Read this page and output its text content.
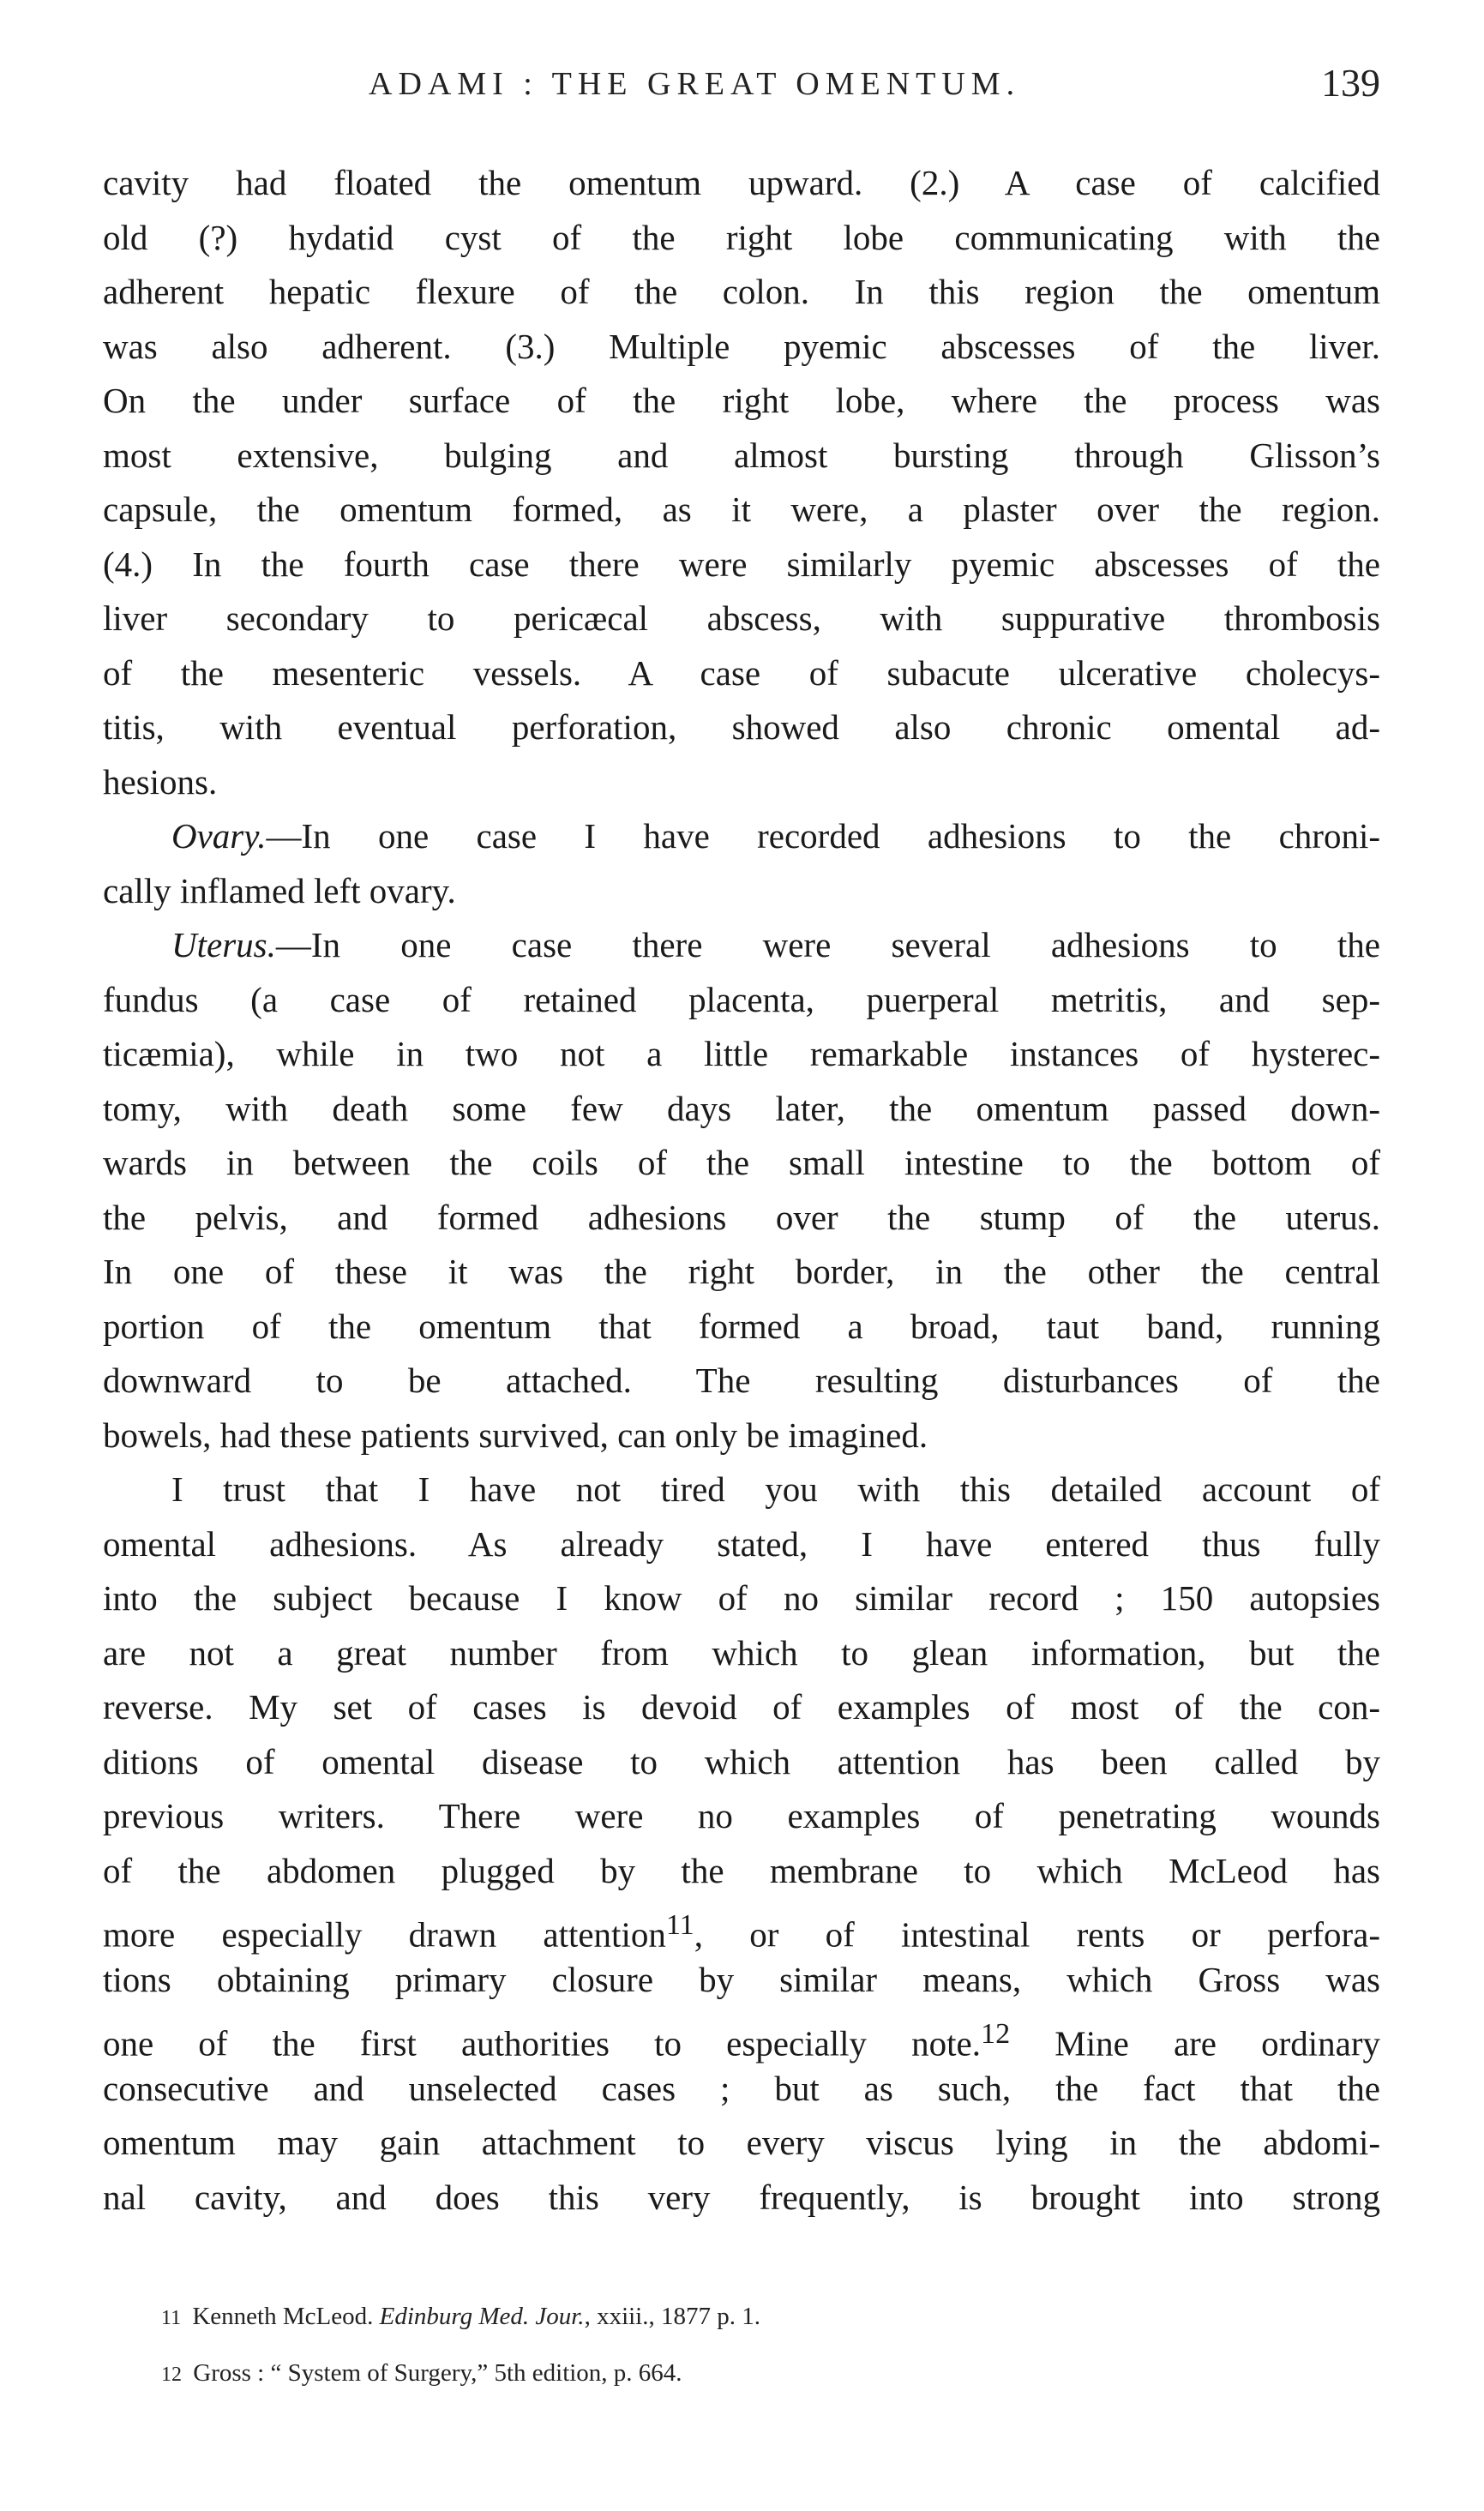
ADAMI : THE GREAT OMENTUM.	139
cavity had floated the omentum upward. (2.) A case of calcified
old (?) hydatid cyst of the right lobe communicating with the
adherent hepatic flexure of the colon. In this region the omentum
was also adherent. (3.) Multiple pyemic abscesses of the liver.
On the under surface of the right lobe, where the process was
most extensive, bulging and almost bursting through Glisson’s
capsule, the omentum formed, as it were, a plaster over the region.
(4.) In the fourth case there were similarly pyemic abscesses of the
liver secondary to pericæcal abscess, with suppurative thrombosis
of the mesenteric vessels. A case of subacute ulcerative cholecys-
titis, with eventual perforation, showed also chronic omental ad-
hesions.
Ovary.—In one case I have recorded adhesions to the chroni-
cally inflamed left ovary.
Uterus.—In one case there were several adhesions to the
fundus (a case of retained placenta, puerperal metritis, and sep-
ticæmia), while in two not a little remarkable instances of hysterec-
tomy, with death some few days later, the omentum passed down-
wards in between the coils of the small intestine to the bottom of
the pelvis, and formed adhesions over the stump of the uterus.
In one of these it was the right border, in the other the central
portion of the omentum that formed a broad, taut band, running
downward to be attached. The resulting disturbances of the
bowels, had these patients survived, can only be imagined.
I trust that I have not tired you with this detailed account of
omental adhesions. As already stated, I have entered thus fully
into the subject because I know of no similar record ; 150 autopsies
are not a great number from which to glean information, but the
reverse. My set of cases is devoid of examples of most of the con-
ditions of omental disease to which attention has been called by
previous writers. There were no examples of penetrating wounds
of the abdomen plugged by the membrane to which McLeod has
more especially drawn attention$^{11}$, or of intestinal rents or perfora-
tions obtaining primary closure by similar means, which Gross was
one of the first authorities to especially note.$^{12}$ Mine are ordinary
consecutive and unselected cases ; but as such, the fact that the
omentum may gain attachment to every viscus lying in the abdomi-
nal cavity, and does this very frequently, is brought into strong
11 Kenneth McLeod. Edinburg Med. Jour., xxiii., 1877 p. 1.
12 Gross : “ System of Surgery,” 5th edition, p. 664.
